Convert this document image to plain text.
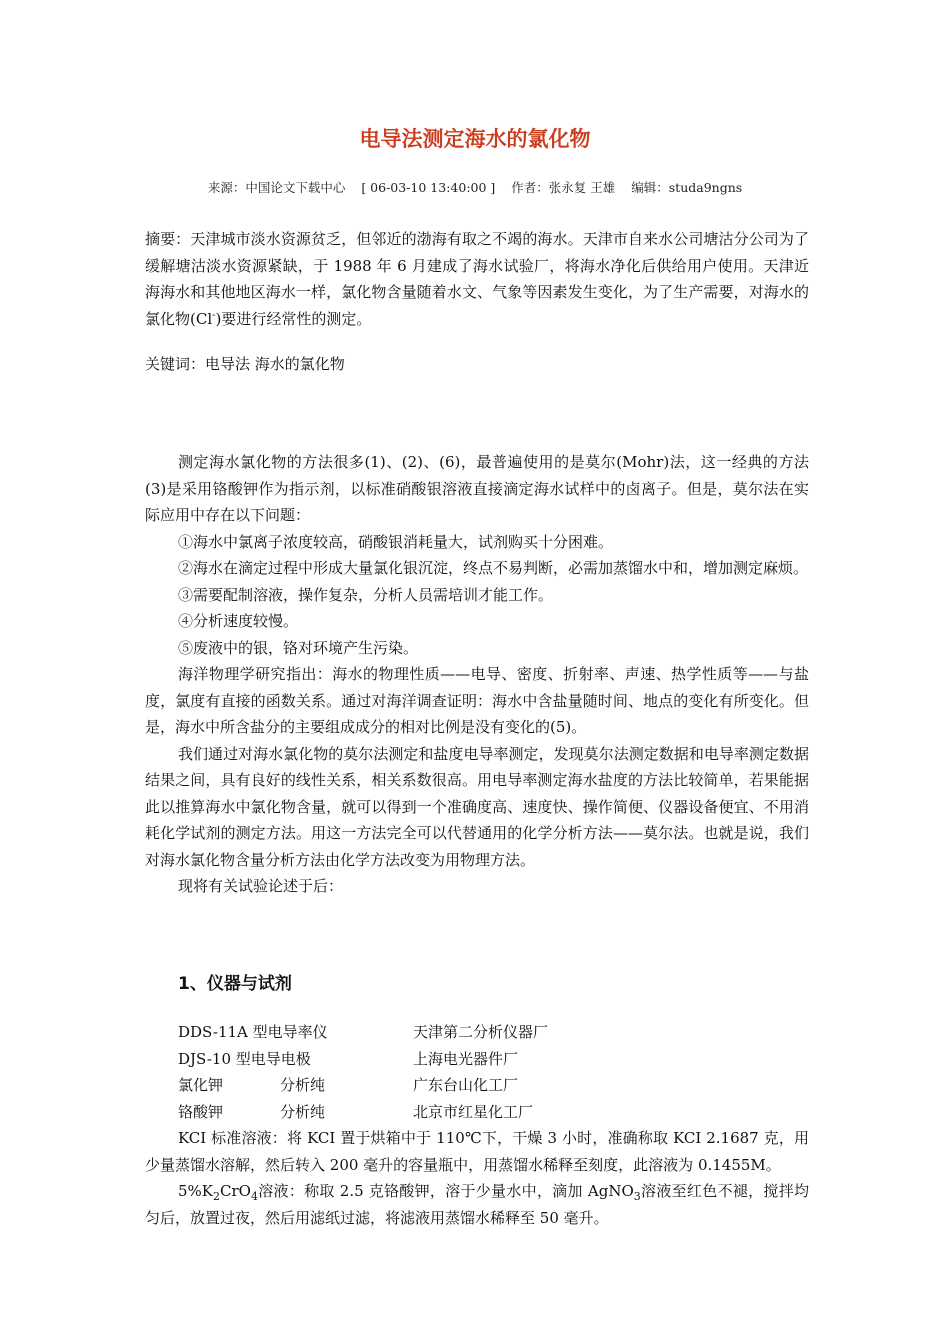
电导法测定海水的氯化物
来源：中国论文下载中心 [ 06-03-10 13:40:00 ] 作者：张永复 王雄 编辑：studa9ngns
摘要：天津城市淡水资源贫乏，但邻近的渤海有取之不竭的海水。天津市自来水公司塘沽分公司为了缓解塘沽淡水资源紧缺，于 1988 年 6 月建成了海水试验厂，将海水净化后供给用户使用。天津近海海水和其他地区海水一样，氯化物含量随着水文、气象等因素发生变化，为了生产需要，对海水的氯化物(Cl-)要进行经常性的测定。
关键词：电导法 海水的氯化物
测定海水氯化物的方法很多(1)、(2)、(6)，最普遍使用的是莫尔(Mohr)法，这一经典的方法(3)是采用铬酸钾作为指示剂，以标准硝酸银溶液直接滴定海水试样中的卤离子。但是，莫尔法在实际应用中存在以下问题：
①海水中氯离子浓度较高，硝酸银消耗量大，试剂购买十分困难。
②海水在滴定过程中形成大量氯化银沉淀，终点不易判断，必需加蒸馏水中和，增加测定麻烦。
③需要配制溶液，操作复杂，分析人员需培训才能工作。
④分析速度较慢。
⑤废液中的银，铬对环境产生污染。
海洋物理学研究指出：海水的物理性质——电导、密度、折射率、声速、热学性质等——与盐度，氯度有直接的函数关系。通过对海洋调查证明：海水中含盐量随时间、地点的变化有所变化。但是，海水中所含盐分的主要组成成分的相对比例是没有变化的(5)。
我们通过对海水氯化物的莫尔法测定和盐度电导率测定，发现莫尔法测定数据和电导率测定数据结果之间，具有良好的线性关系，相关系数很高。用电导率测定海水盐度的方法比较简单，若果能据此以推算海水中氯化物含量，就可以得到一个准确度高、速度快、操作简便、仪器设备便宜、不用消耗化学试剂的测定方法。用这一方法完全可以代替通用的化学分析方法——莫尔法。也就是说，我们对海水氯化物含量分析方法由化学方法改变为用物理方法。
现将有关试验论述于后：
1、仪器与试剂
DDS-11A 型电导率仪	天津第二分析仪器厂
DJS-10 型电导电极	上海电光器件厂
氯化钾	分析纯	广东台山化工厂
铬酸钾	分析纯	北京市红星化工厂
KCI 标准溶液：将 KCI 置于烘箱中于 110℃下，干燥 3 小时，准确称取 KCI 2.1687 克，用少量蒸馏水溶解，然后转入 200 毫升的容量瓶中，用蒸馏水稀释至刻度，此溶液为 0.1455M。
$5\%K_2CrO_4$溶液：称取 2.5 克铬酸钾，溶于少量水中，滴加 AgNO$_3$溶液至红色不褪，搅拌均匀后，放置过夜，然后用滤纸过滤，将滤液用蒸馏水稀释至 50 毫升。
